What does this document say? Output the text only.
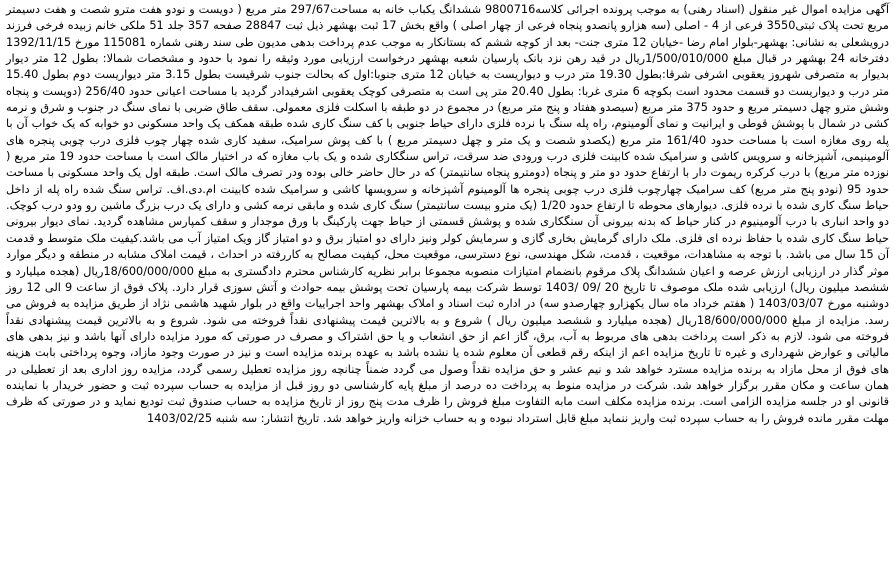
آگهی مزایده اموال غیر منقول (اسناد رهنی) به موجب پرونده اجرائی کلاسه9800716 ششدانگ یکباب خانه به مساحت297/67 متر مربع ( دویست و نودو هفت مترو شصت و هفت دسیمتر مربع تحت پلاک ثبتی3550 فرعی از 4 - اصلی (سه هزارو پانصدو پنجاه فرعی از چهار اصلی ) واقع بخش 17 ثبت بهشهر ذیل ثبت 28847 صفحه 357 جلد 51 ملکی خانم زبیده فرخی فرزند درویشعلی به نشانی: بهشهر-بلوار امام رضا -خیابان 12 متری جنت- بعد از کوچه ششم که بستانکار به موجب عدم پرداخت بدهی مدیون طی سند رهنی شماره 115081 مورخ 1392/11/15 دفترخانه 24 بهشهر در قبال مبلغ 1/500/010/000ریال در قید رهن نزد بانک پارسیان شعبه بهشهر درخواست ارزیابی مورد وثیقه را نمود با حدود و مشخصات شمالا: بطول 12 متر دیوار بدیوار به متصرفی شهروز یعقوبی اشرفی شرقا:بطول 19.30 متر درب و دیواریست به خیابان 12 متری جنوبا:اول که بحالت جنوب شرقیست بطول 3.15 متر دیواریست دوم بطول 15.40 متر درب و دیواریست دو قسمت محدود است بکوچه 6 متری غربا: بطول 20.40 متر پی است به متصرفی کوچک یعقوبی اشرفیدادر گردید با مساحت اعیانی حدود 256/40 (دویست و پنجاه وشش مترو چهل دسیمتر مربع و حدود 375 متر مربع (سیصدو هفتاد و پنج متر مربع) در مجموع در دو طبقه با اسکلت فلزی معمولی. سقف طاق ضربی با نمای سنگ در جنوب و شرق و نرمه کشی در شمال با پوشش قوطی و ایرانیت و نمای آلومینوم، راه پله سنگ با نرده فلزی دارای حیاط جنوبی با کف سنگ کاری شده طبقه همکف یک واحد مسکونی دو خوابه که یک خواب آن با پله روی مغازه است با مساحت حدود 161/40 متر مربع (یکصدو شصت و یک متر و چهل دسیمتر مربع ) با کف پوش سرامیک، سفید کاری شده چهار چوب فلزی درب چوبی پنجره های آلومینیمی، آشپزخانه و سرویس کاشی و سرامیک شده کابینت فلزی درب ورودی ضد سرقت، تراس سنگکاری شده و یک باب مغازه که در اختیار مالک است با مساحت حدود 19 متر مربع ( نوزده متر مربع) با درب کرکره ریموت دار با ارتفاع حدود دو متر و پنجاه (دومترو پنجاه سانتیمتر) که در حال حاضر خالی بوده ودر تصرف مالک است. طبقه اول یک واحد مسکونی با مساحت حدود 95 (نودو پنج متر مربع) کف سرامیک چهارچوب فلزی درب چوبی پنجره ها آلومینوم آشپزخانه و سرویسها کاشی و سرامیک شده کابینت ام.دی.اف. تراس سنگ شده راه پله از داخل حیاط سنگ کاری شده با نرده فلزی. دیوارهای محوطه تا ارتفاع حدود 1/20 (یک مترو بیست سانتیمتر) سنگ کاری شده و مابقی نرمه کشی و دارای یک درب بزرگ ماشین رو ودو درب کوچک. دو واحد انباری با درب آلومینیوم در کنار حیاط که بدنه بیرونی آن سنگکاری شده و پوشش قسمتی از حیاط جهت پارکینگ با ورق موجدار و سقف کمپارس مشاهده گردید. نمای دیوار بیرونی حیاط سنگ کاری شده با حفاظ نرده ای فلزی. ملک دارای گرمایش بخاری گازی و سرمایش کولر ونیز دارای دو امتیاز برق و دو امتیاز گاز ویک امتیاز آب می باشد.کیفیت ملک متوسط و قدمت آن 15 سال می باشد. با توجه به مشاهدات، موقعیت ، قدمت، شکل مهندسی، نوع دسترسی، موقعیت محل، کیفیت مصالح به کاررفته در احداث ، قیمت املاک مشابه در منطقه و دیگر موارد موثر گذار در ارزیابی ارزش عرصه و اعیان ششدانگ پلاک مرقوم بانضمام امتیازات منصوبه مجموعا برابر نظریه کارشناس محترم دادگستری به مبلغ 18/600/000/000ریال (هجده میلیارد و ششصد میلیون ریال) ارزیابی شده ملک موصوف تا تاریخ 20 /09 /1403 توسط شرکت بیمه پارسیان تحت پوشش بیمه حوادث و آتش سوزی قرار دارد. پلاک فوق از ساعت 9 الی 12 روز دوشنبه مورخ 1403/03/07 ( هفتم خرداد ماه سال یکهزارو چهارصدو سه) در اداره ثبت اسناد و املاک بهشهر واحد اجراییات واقع در بلوار شهید هاشمی نژاد از طریق مزایده به فروش می رسد. مزایده از مبلغ 18/600/000/000ریال (هجده میلیارد و ششصد میلیون ریال ) شروع و به بالاترین قیمت پیشنهادی نقداً فروخته می شود. شروع و به بالاترین قیمت پیشنهادی نقداً فروخته می شود. لازم به ذکر است پرداخت بدهی های مربوط به آب، برق، گاز اعم از حق انشعاب و یا حق اشتراک و مصرف در صورتی که مورد مزایده دارای آنها باشد و نیز بدهی های مالیاتی و عوارض شهرداری و غیره تا تاریخ مزایده اعم از اینکه رقم قطعی آن معلوم شده یا نشده باشد به عهده برنده مزایده است و نیز در صورت وجود مازاد، وجوه پرداختی بابت هزینه های فوق از محل مازاد به برنده مزایده مسترد خواهد شد و نیم عشر و حق مزایده نقداً وصول می گردد ضمناً چنانچه روز مزایده تعطیل رسمی گردد، مزایده روز اداری بعد از تعطیلی در همان ساعت و مکان مقرر برگزار خواهد شد. شرکت در مزایده منوط به پرداخت ده درصد از مبلغ پایه کارشناسی دو روز قبل از مزایده به حساب سپرده ثبت و حضور خریدار با نماینده قانونی او در جلسه مزایده الزامی است. برنده مزایده مکلف است مابه التفاوت مبلغ فروش را ظرف مدت پنج روز از تاریخ مزایده به حساب صندوق ثبت تودیع نماید و در صورتی که ظرف مهلت مقرر مانده فروش را به حساب سپرده ثبت واریز ننماید مبلغ قابل استرداد نبوده و به حساب خزانه واریز خواهد شد. تاریخ انتشار: سه شنبه 1403/02/25
